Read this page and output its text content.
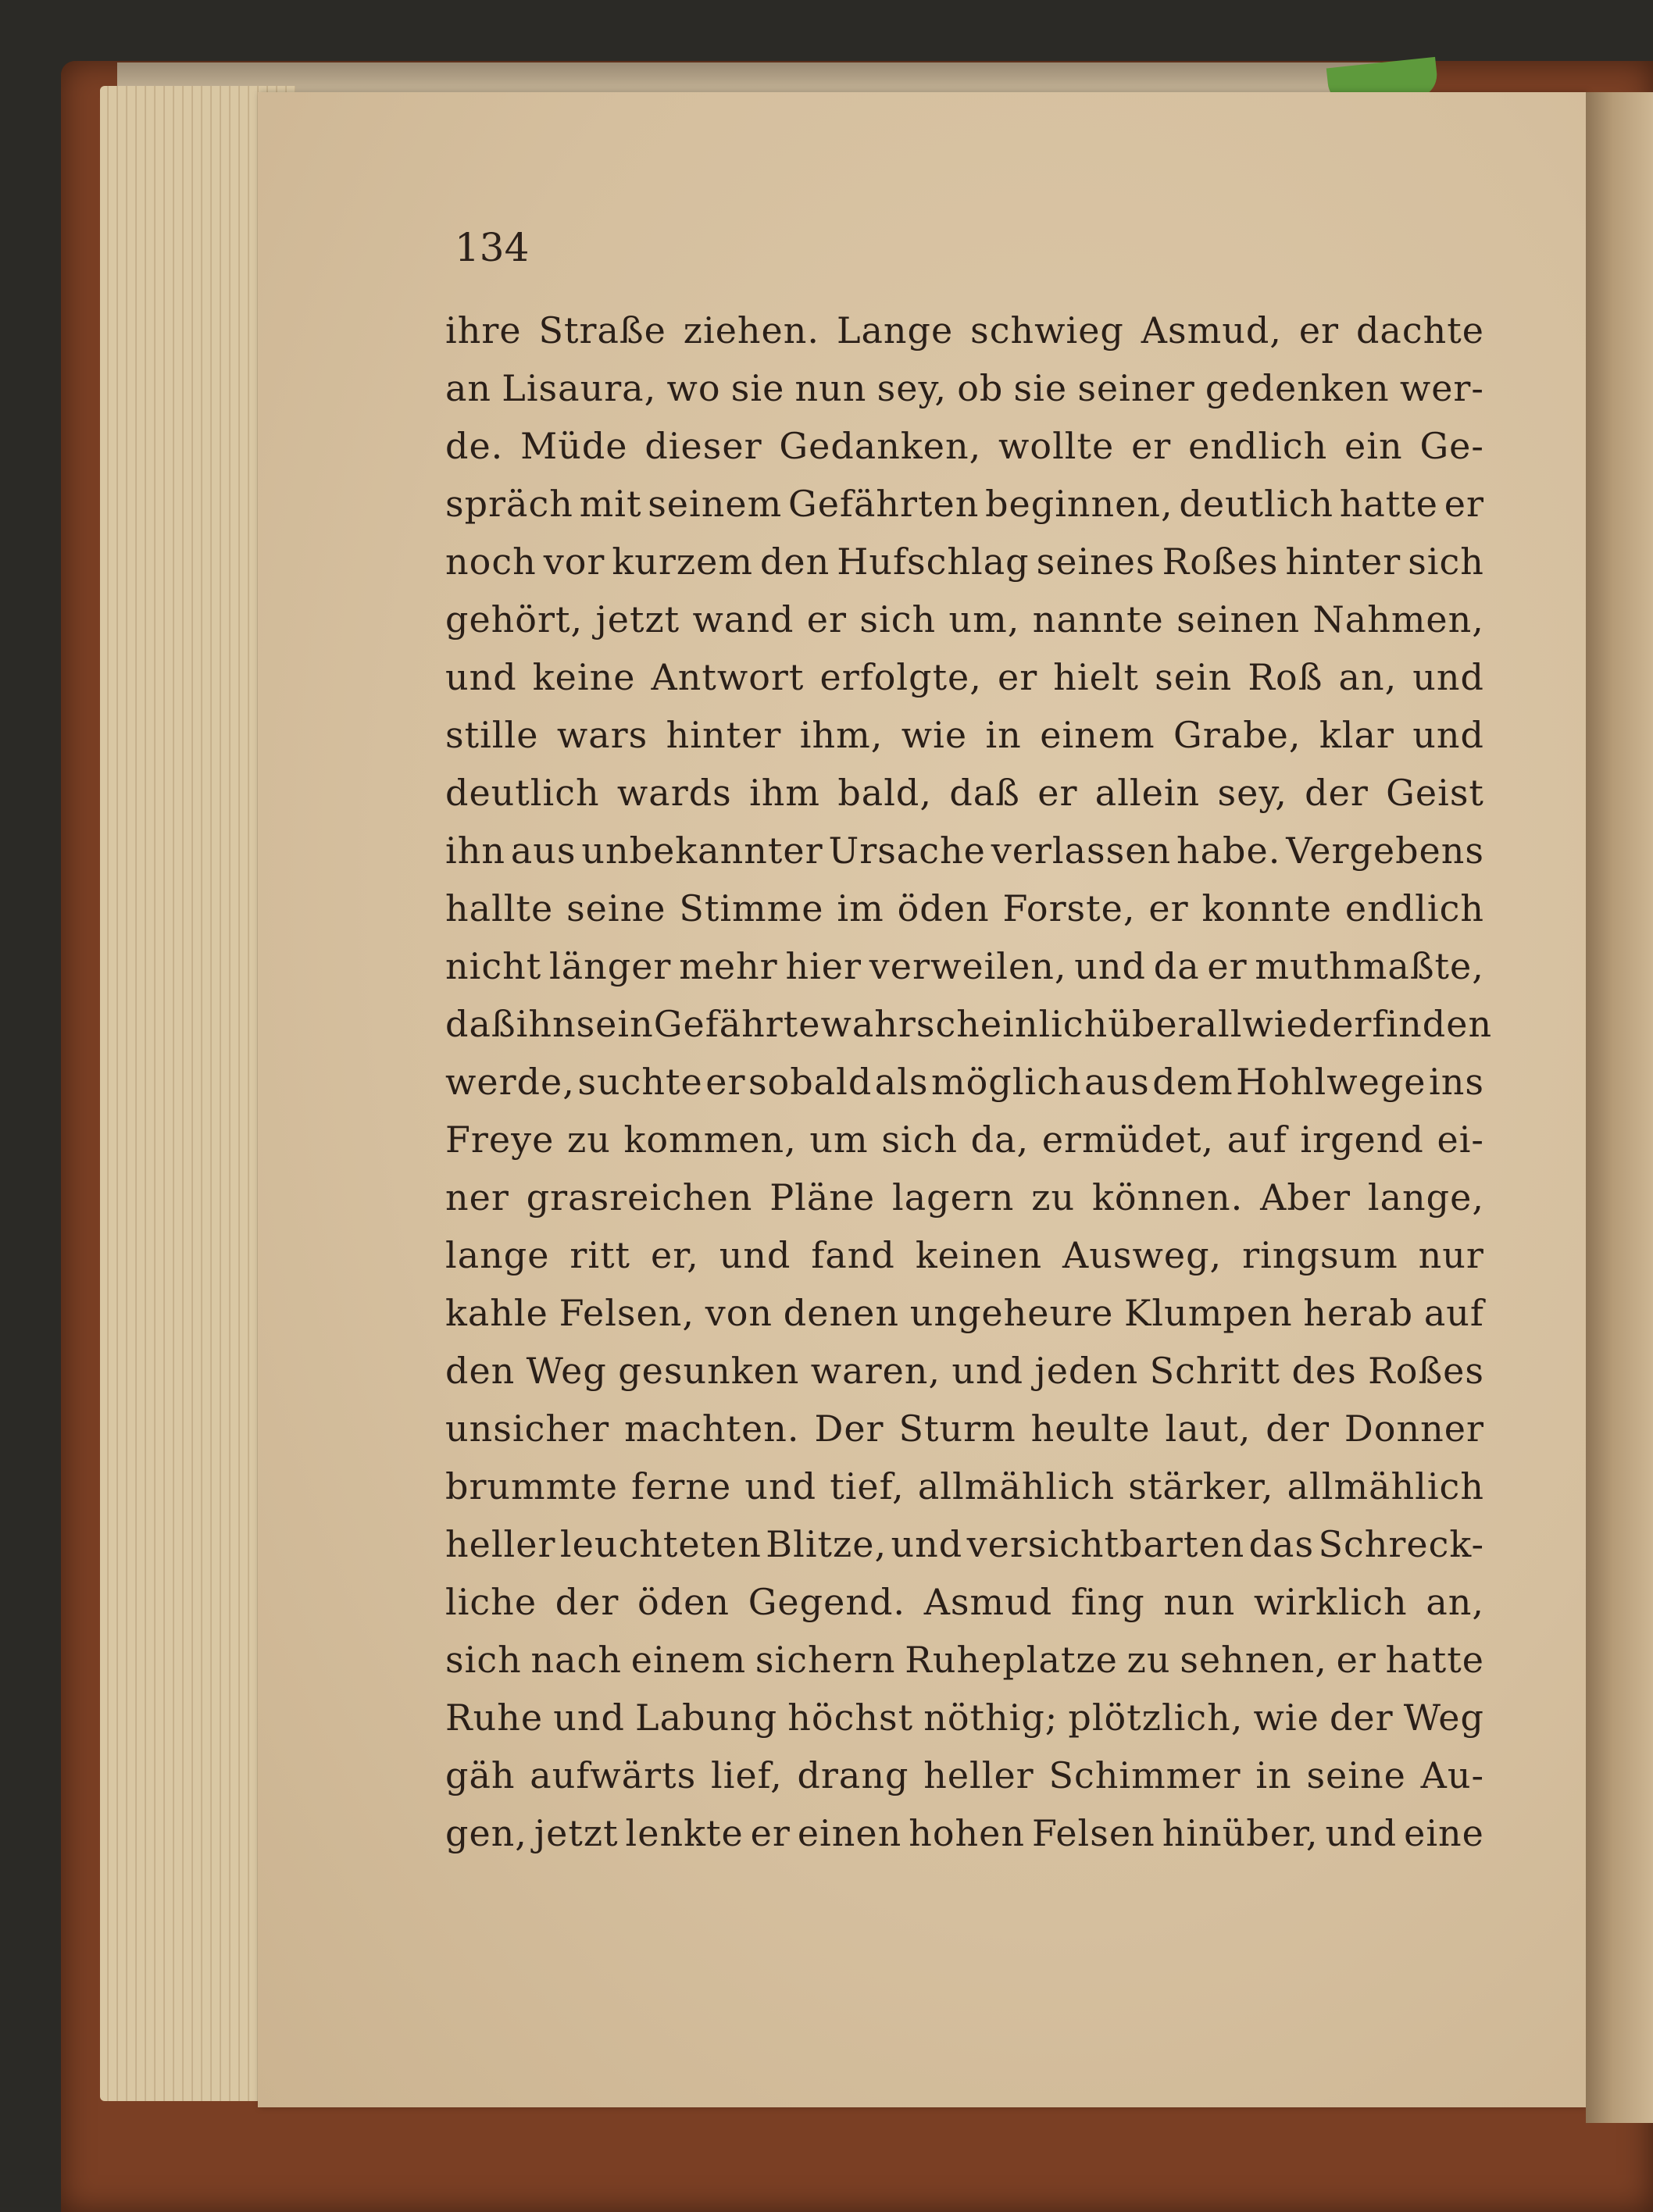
134
ihre Straße ziehen. Lange schwieg Asmud, er dachte
an Lisaura, wo sie nun sey, ob sie seiner gedenken wer-
de. Müde dieser Gedanken, wollte er endlich ein Ge-
spräch mit seinem Gefährten beginnen, deutlich hatte er
noch vor kurzem den Hufschlag seines Roßes hinter sich
gehört, jetzt wand er sich um, nannte seinen Nahmen,
und keine Antwort erfolgte, er hielt sein Roß an, und
stille wars hinter ihm, wie in einem Grabe, klar und
deutlich wards ihm bald, daß er allein sey, der Geist
ihn aus unbekannter Ursache verlassen habe. Vergebens
hallte seine Stimme im öden Forste, er konnte endlich
nicht länger mehr hier verweilen, und da er muthmaßte,
daß ihn sein Gefährte wahrscheinlich überall wieder finden
werde, suchte er sobald als möglich aus dem Hohlwege ins
Freye zu kommen, um sich da, ermüdet, auf irgend ei-
ner grasreichen Pläne lagern zu können. Aber lange,
lange ritt er, und fand keinen Ausweg, ringsum nur
kahle Felsen, von denen ungeheure Klumpen herab auf
den Weg gesunken waren, und jeden Schritt des Roßes
unsicher machten. Der Sturm heulte laut, der Donner
brummte ferne und tief, allmählich stärker, allmählich
heller leuchteten Blitze, und versichtbarten das Schreck-
liche der öden Gegend. Asmud fing nun wirklich an,
sich nach einem sichern Ruheplatze zu sehnen, er hatte
Ruhe und Labung höchst nöthig; plötzlich, wie der Weg
gäh aufwärts lief, drang heller Schimmer in seine Au-
gen, jetzt lenkte er einen hohen Felsen hinüber, und eine
